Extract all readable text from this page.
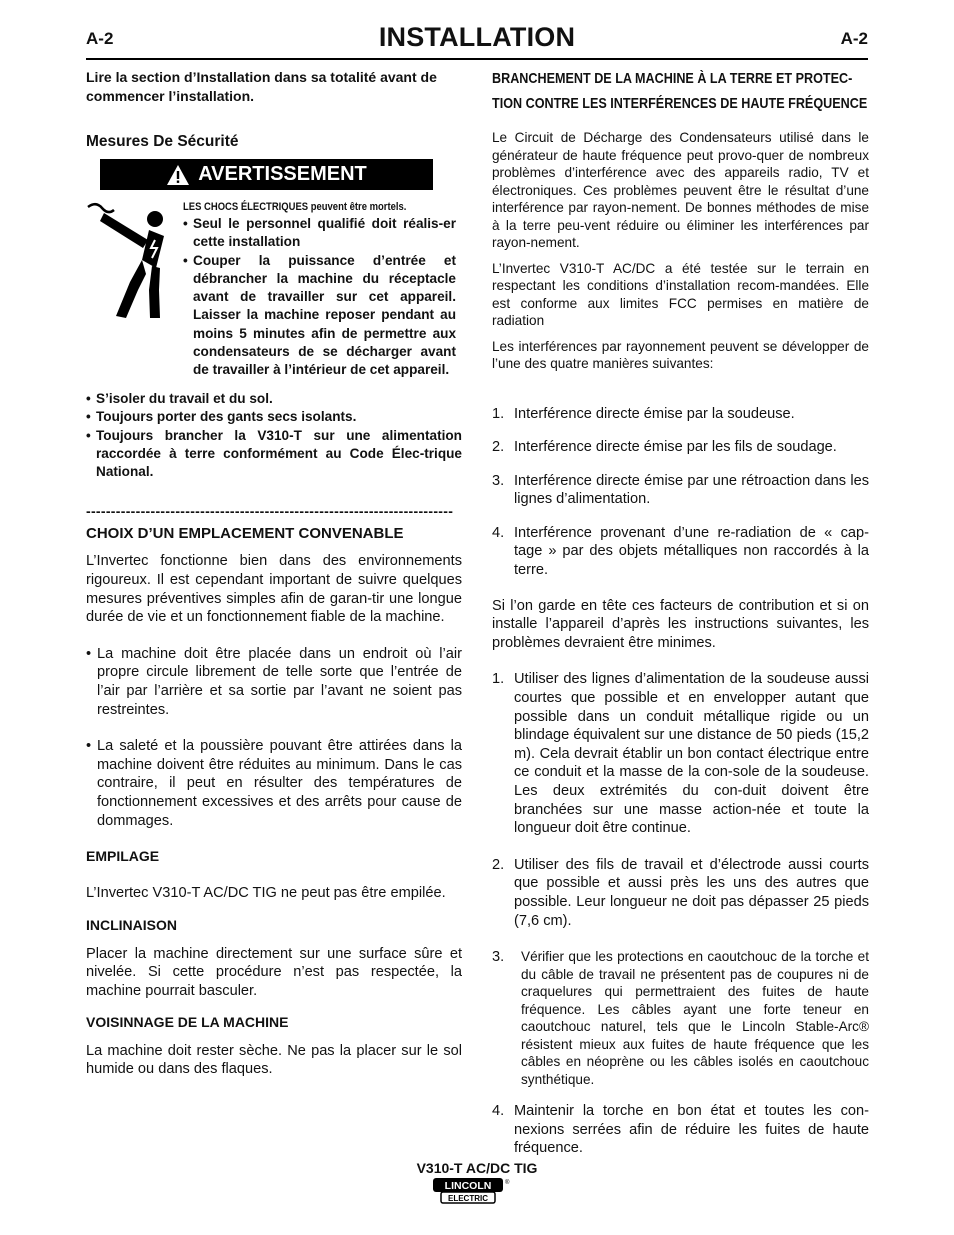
A-2	INSTALLATION	A-2

Lire la section d’Installation dans sa totalité avant de commencer l’installation.

Mesures De Sécurité
AVERTISSEMENT
LES CHOCS ÉLECTRIQUES peuvent être mortels.
• Seul le personnel qualifié doit réalis-er cette installation
• Couper la puissance d’entrée et débrancher la machine du réceptacle avant de travailler sur cet appareil. Laisser la machine reposer pendant au moins 5 minutes afin de permettre aux condensateurs de se décharger avant de travailler à l’intérieur de cet appareil.
• S’isoler du travail et du sol.
• Toujours porter des gants secs isolants.
• Toujours brancher la V310-T sur une alimentation raccordée à terre conformément au Code Élec-trique National.
--------------------------------------------------------------------------
CHOIX D’UN EMPLACEMENT CONVENABLE

L’Invertec fonctionne bien dans des environnements rigoureux. Il est cependant important de suivre quelques mesures préventives simples afin de garan-tir une longue durée de vie et un fonctionnement fiable de la machine.

• La machine doit être placée dans un endroit où l’air propre circule librement de telle sorte que l’entrée de l’air par l’arrière et sa sortie par l’avant ne soient pas restreintes.

• La saleté et la poussière pouvant être attirées dans la machine doivent être réduites au minimum. Dans le cas contraire, il peut en résulter des températures de fonctionnement excessives et des arrêts pour cause de dommages.

EMPILAGE

L’Invertec V310-T AC/DC TIG ne peut pas être empilée.

INCLINAISON

Placer la machine directement sur une surface sûre et nivelée. Si cette procédure n’est pas respectée, la machine pourrait basculer.

VOISINNAGE DE LA MACHINE

La machine doit rester sèche. Ne pas la placer sur le sol humide ou dans des flaques.

BRANCHEMENT DE LA MACHINE À LA TERRE ET PROTEC-
TION CONTRE LES INTERFÉRENCES DE HAUTE FRÉQUENCE

Le Circuit de Décharge des Condensateurs utilisé dans le générateur de haute fréquence peut provo-quer de nombreux problèmes d’interférence avec des appareils radio, TV et électroniques. Ces problèmes peuvent être le résultat d’une interférence par rayon-nement. De bonnes méthodes de mise à la terre peu-vent réduire ou éliminer les interférences par rayon-nement.

L’Invertec V310-T AC/DC a été testée sur le terrain en respectant les conditions d’installation recom-mandées. Elle est conforme aux limites FCC permises en matière de radiation

Les interférences par rayonnement peuvent se développer de l’une des quatre manières suivantes:

1. Interférence directe émise par la soudeuse.

2. Interférence directe émise par les fils de soudage.

3. Interférence directe émise par une rétroaction dans les lignes d’alimentation.

4. Interférence provenant d’une re-radiation de « cap-tage » par des objets métalliques non raccordés à la terre.

Si l’on garde en tête ces facteurs de contribution et si on installe l’appareil d’après les instructions suivantes, les problèmes devraient être minimes.

1. Utiliser des lignes d’alimentation de la soudeuse aussi courtes que possible et en envelopper autant que possible dans un conduit métallique rigide ou un blindage équivalent sur une distance de 50 pieds (15,2 m). Cela devrait établir un bon contact électrique entre ce conduit et la masse de la con-sole de la soudeuse. Les deux extrémités du con-duit doivent être branchées sur une masse action-née et toute la longueur doit être continue.

2. Utiliser des fils de travail et d’électrode aussi courts que possible et aussi près les uns des autres que possible. Leur longueur ne doit pas dépasser 25 pieds (7,6 cm).

3.	Vérifier que les protections en caoutchouc de la torche et du câble de travail ne présentent pas de coupures ni de craquelures qui permettraient des fuites de haute fréquence. Les câbles ayant une forte teneur en caoutchouc naturel, tels que le Lincoln Stable-Arc® résistent mieux aux fuites de haute fréquence que les câbles en néoprène ou les câbles isolés en caoutchouc synthétique.

4. Maintenir la torche en bon état et toutes les con-nexions serrées afin de réduire les fuites de haute fréquence.

V310-T AC/DC TIG
LINCOLN ®
ELECTRIC
